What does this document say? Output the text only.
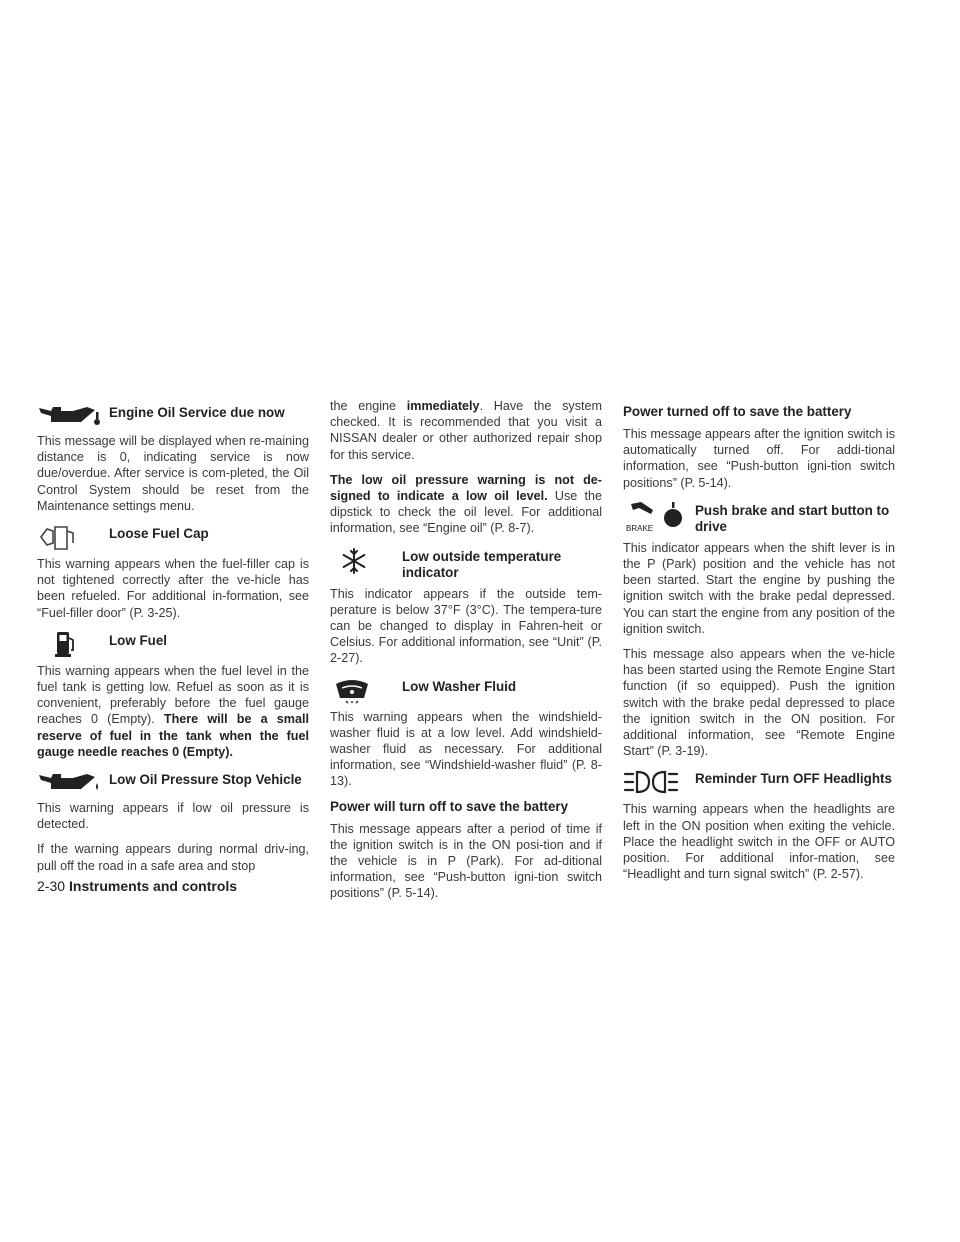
Engine Oil Service due now

This message will be displayed when re-maining distance is 0, indicating service is now due/overdue. After service is com-pleted, the Oil Control System should be reset from the Maintenance settings menu.

Loose Fuel Cap

This warning appears when the fuel-filler cap is not tightened correctly after the ve-hicle has been refueled. For additional in-formation, see “Fuel-filler door” (P. 3-25).

Low Fuel

This warning appears when the fuel level in the fuel tank is getting low. Refuel as soon as it is convenient, preferably before the fuel gauge reaches 0 (Empty). There will be a small reserve of fuel in the tank when the fuel gauge needle reaches 0 (Empty).

Low Oil Pressure Stop Vehicle

This warning appears if low oil pressure is detected.

If the warning appears during normal driv-ing, pull off the road in a safe area and stop

the engine immediately. Have the system checked. It is recommended that you visit a NISSAN dealer or other authorized repair shop for this service.

The low oil pressure warning is not de-signed to indicate a low oil level. Use the dipstick to check the oil level. For additional information, see “Engine oil” (P. 8-7).

Low outside temperature indicator

This indicator appears if the outside tem-perature is below 37°F (3°C). The tempera-ture can be changed to display in Fahren-heit or Celsius. For additional information, see “Unit” (P. 2-27).

Low Washer Fluid

This warning appears when the windshield-washer fluid is at a low level. Add windshield-washer fluid as necessary. For additional information, see “Windshield-washer fluid” (P. 8-13).

Power will turn off to save the battery

This message appears after a period of time if the ignition switch is in the ON posi-tion and if the vehicle is in P (Park). For ad-ditional information, see “Push-button igni-tion switch positions” (P. 5-14).

Power turned off to save the battery

This message appears after the ignition switch is automatically turned off. For addi-tional information, see “Push-button igni-tion switch positions” (P. 5-14).

BRAKE
Push brake and start button to drive

This indicator appears when the shift lever is in the P (Park) position and the vehicle has not been started. Start the engine by pushing the ignition switch with the brake pedal depressed. You can start the engine from any position of the ignition switch.

This message also appears when the ve-hicle has been started using the Remote Engine Start function (if so equipped). Push the ignition switch with the brake pedal depressed to place the ignition switch in the ON position. For additional information, see “Remote Engine Start” (P. 3-19).

Reminder Turn OFF Headlights

This warning appears when the headlights are left in the ON position when exiting the vehicle. Place the headlight switch in the OFF or AUTO position. For additional infor-mation, see “Headlight and turn signal switch” (P. 2-57).

2-30 Instruments and controls
